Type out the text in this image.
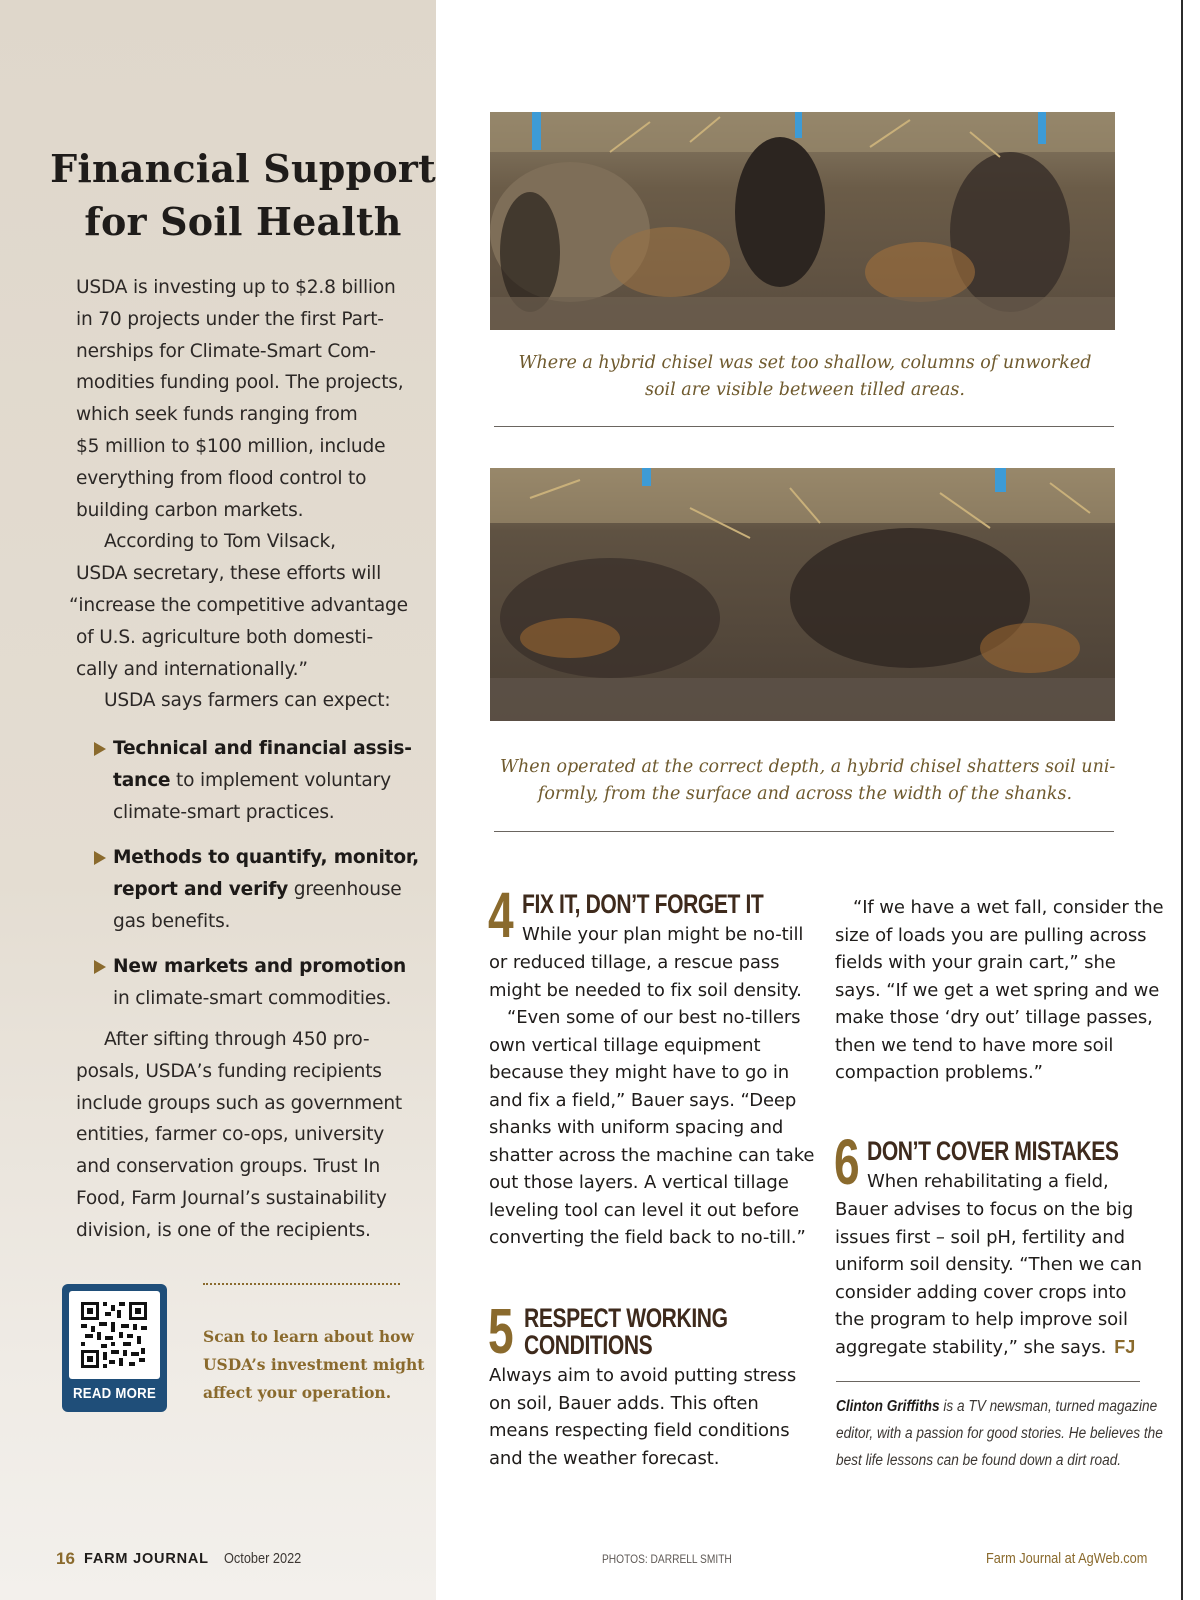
Financial Support
for Soil Health
USDA is investing up to $2.8 billion
in 70 projects under the first Part-
nerships for Climate-Smart Com-
modities funding pool. The projects,
which seek funds ranging from
$5 million to $100 million, include
everything from flood control to
building carbon markets.
According to Tom Vilsack,
USDA secretary, these efforts will
“increase the competitive advantage
of U.S. agriculture both domesti-
cally and internationally.”
USDA says farmers can expect:
Technical and financial assis-
tance to implement voluntary
climate-smart practices.
Methods to quantify, monitor,
report and verify greenhouse
gas benefits.
New markets and promotion
in climate-smart commodities.
After sifting through 450 pro-
posals, USDA’s funding recipients
include groups such as government
entities, farmer co-ops, university
and conservation groups. Trust In
Food, Farm Journal’s sustainability
division, is one of the recipients.
READ MORE
Scan to learn about how
USDA’s investment might
affect your operation.
Where a hybrid chisel was set too shallow, columns of unworked
soil are visible between tilled areas.
When operated at the correct depth, a hybrid chisel shatters soil uni-
formly, from the surface and across the width of the shanks.
4 FIX IT, DON’T FORGET IT
While your plan might be no-till
or reduced tillage, a rescue pass
might be needed to fix soil density.
“Even some of our best no-tillers
own vertical tillage equipment
because they might have to go in
and fix a field,” Bauer says. “Deep
shanks with uniform spacing and
shatter across the machine can take
out those layers. A vertical tillage
leveling tool can level it out before
converting the field back to no-till.”
5 RESPECT WORKING
CONDITIONS
Always aim to avoid putting stress
on soil, Bauer adds. This often
means respecting field conditions
and the weather forecast.
“If we have a wet fall, consider the
size of loads you are pulling across
fields with your grain cart,” she
says. “If we get a wet spring and we
make those ‘dry out’ tillage passes,
then we tend to have more soil
compaction problems.”
6 DON’T COVER MISTAKES
When rehabilitating a field,
Bauer advises to focus on the big
issues first – soil pH, fertility and
uniform soil density. “Then we can
consider adding cover crops into
the program to help improve soil
aggregate stability,” she says. FJ
Clinton Griffiths is a TV newsman, turned magazine
editor, with a passion for good stories. He believes the
best life lessons can be found down a dirt road.
16 FARM JOURNAL October 2022	PHOTOS: DARRELL SMITH	Farm Journal at AgWeb.com
